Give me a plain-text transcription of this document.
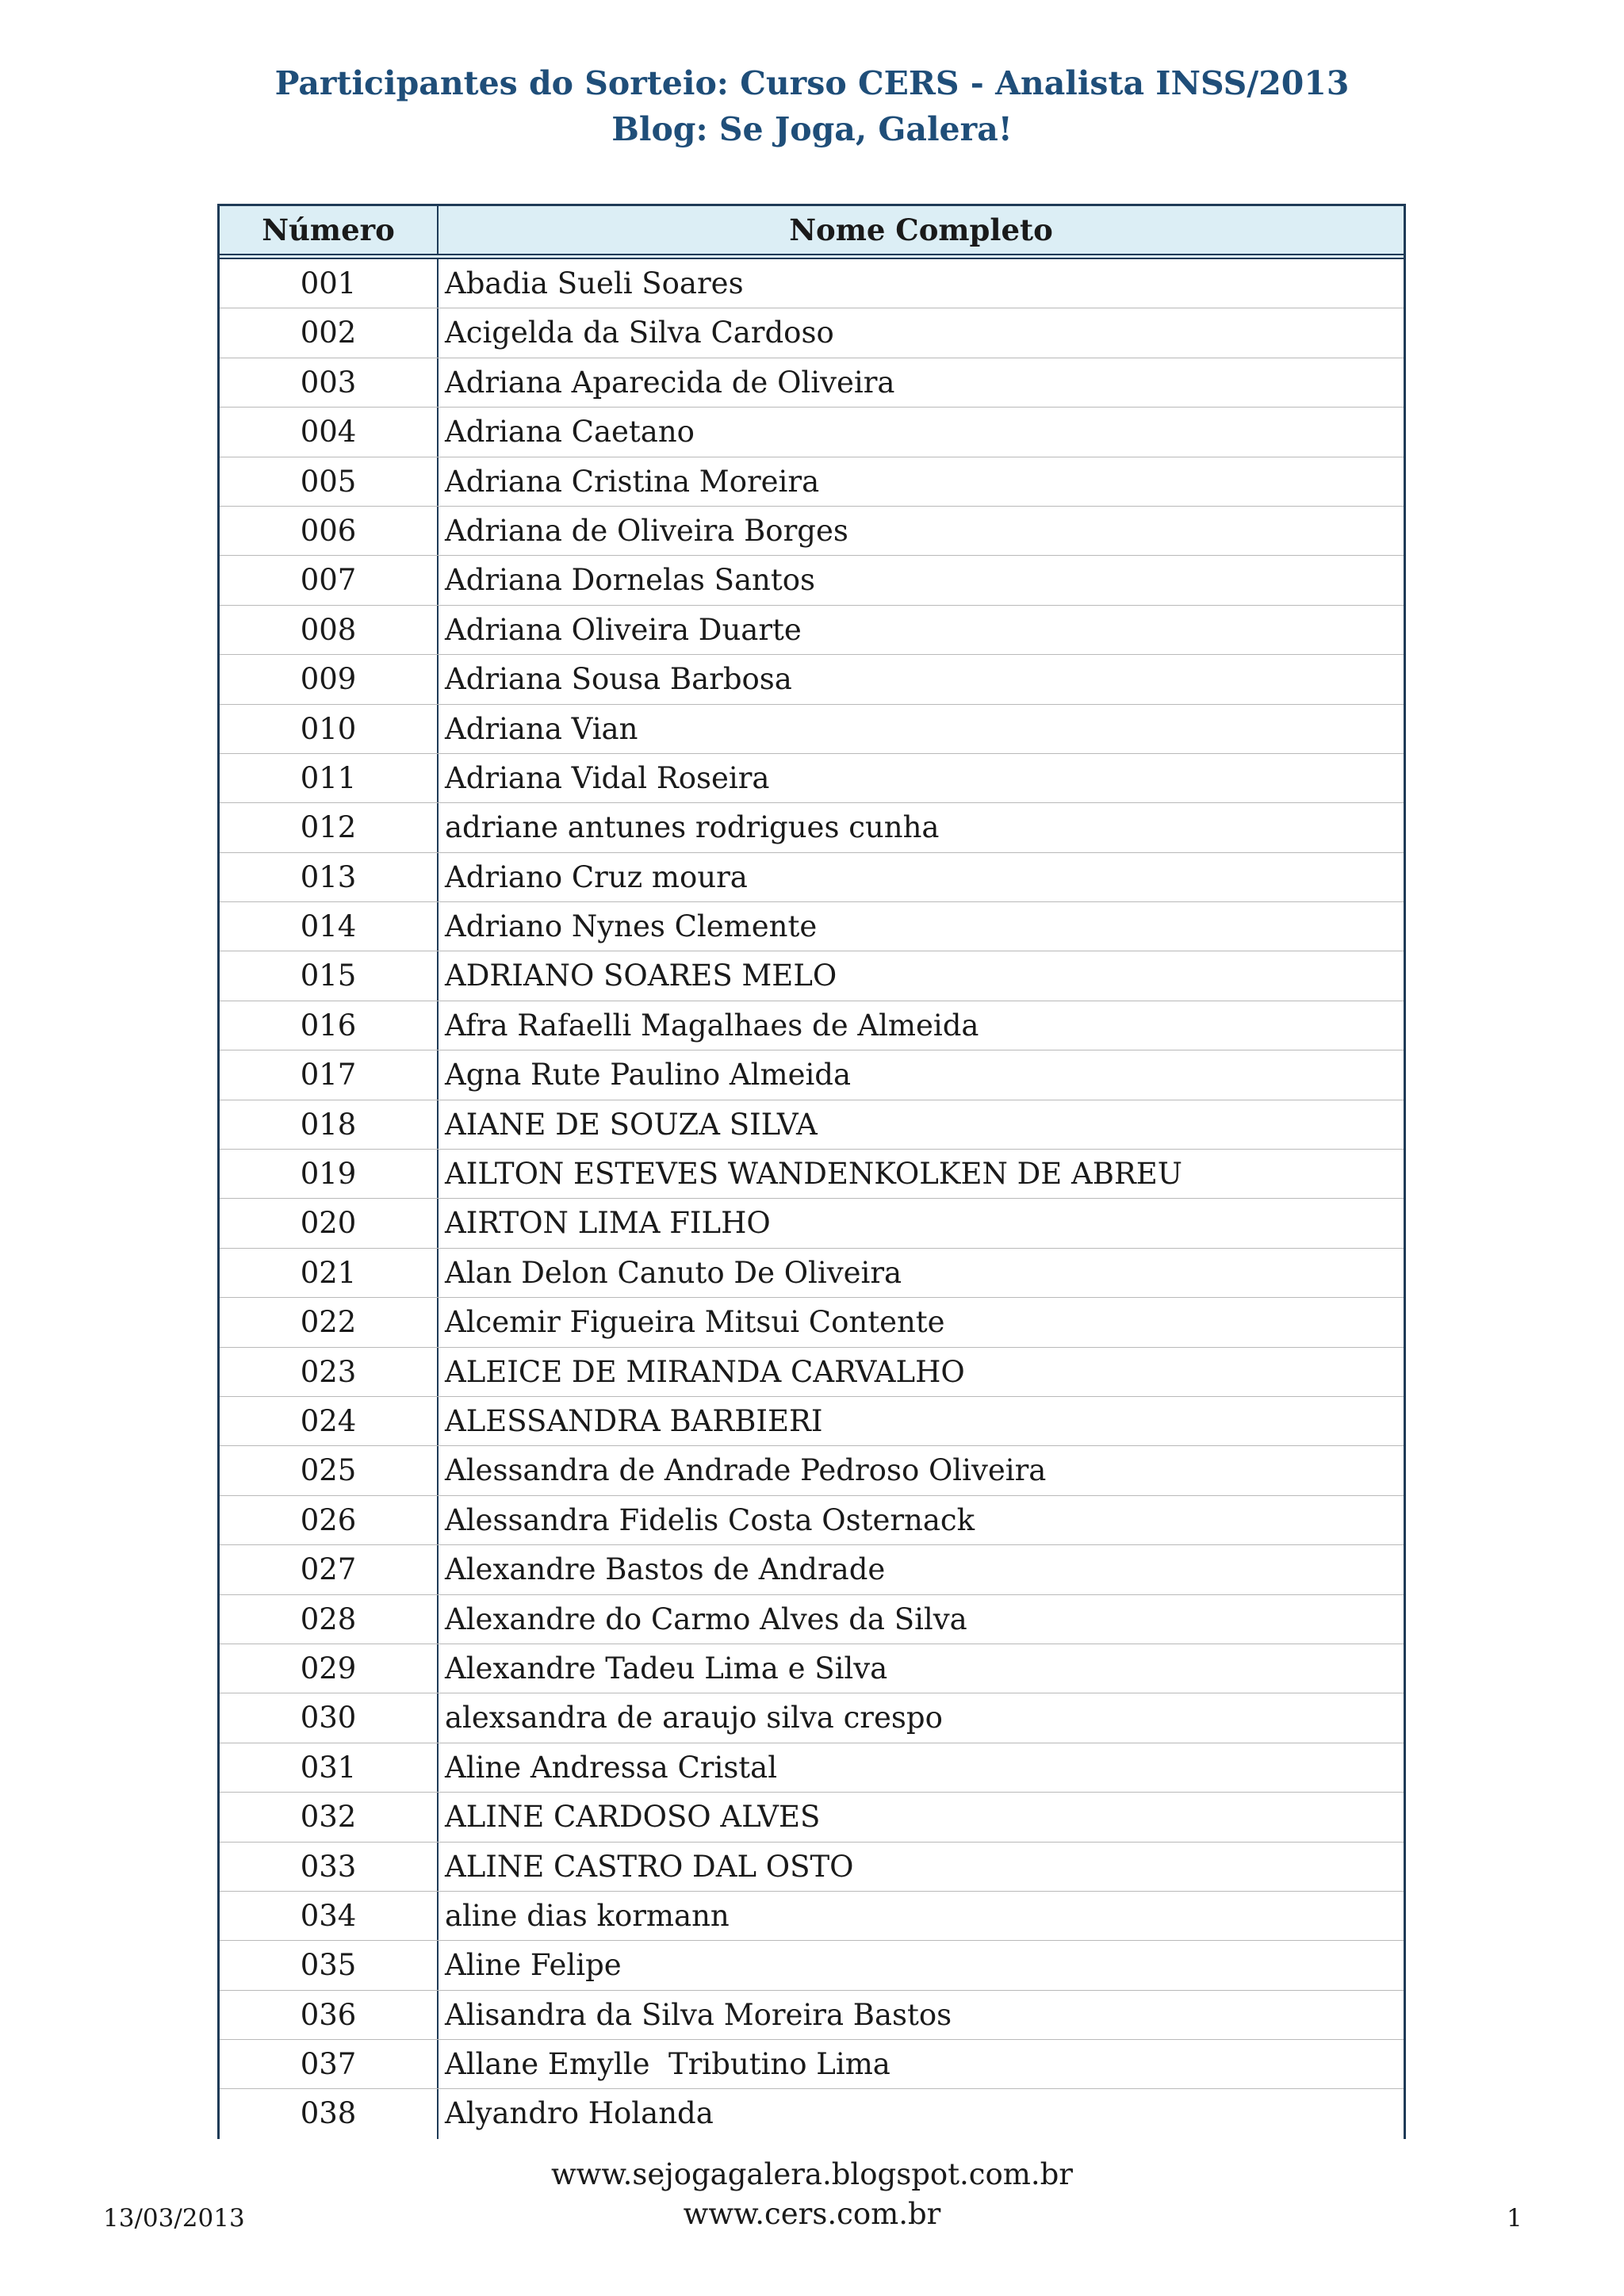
Participantes do Sorteio: Curso CERS - Analista INSS/2013
Blog: Se Joga, Galera!
Número	Nome Completo
001	Abadia Sueli Soares
002	Acigelda da Silva Cardoso
003	Adriana Aparecida de Oliveira
004	Adriana Caetano
005	Adriana Cristina Moreira
006	Adriana de Oliveira Borges
007	Adriana Dornelas Santos
008	Adriana Oliveira Duarte
009	Adriana Sousa Barbosa
010	Adriana Vian
011	Adriana Vidal Roseira
012	adriane antunes rodrigues cunha
013	Adriano Cruz moura
014	Adriano Nynes Clemente
015	ADRIANO SOARES MELO
016	Afra Rafaelli Magalhaes de Almeida
017	Agna Rute Paulino Almeida
018	AIANE DE SOUZA SILVA
019	AILTON ESTEVES WANDENKOLKEN DE ABREU
020	AIRTON LIMA FILHO
021	Alan Delon Canuto De Oliveira
022	Alcemir Figueira Mitsui Contente
023	ALEICE DE MIRANDA CARVALHO
024	ALESSANDRA BARBIERI
025	Alessandra de Andrade Pedroso Oliveira
026	Alessandra Fidelis Costa Osternack
027	Alexandre Bastos de Andrade
028	Alexandre do Carmo Alves da Silva
029	Alexandre Tadeu Lima e Silva
030	alexsandra de araujo silva crespo
031	Aline Andressa Cristal
032	ALINE CARDOSO ALVES
033	ALINE CASTRO DAL OSTO
034	aline dias kormann
035	Aline Felipe
036	Alisandra da Silva Moreira Bastos
037	Allane Emylle  Tributino Lima
038	Alyandro Holanda
www.sejogagalera.blogspot.com.br
www.cers.com.br
13/03/2013	1
